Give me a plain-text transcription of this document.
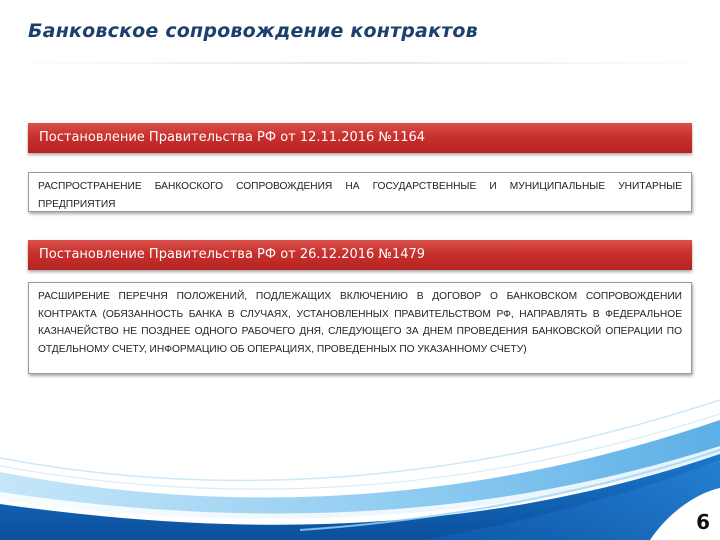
Банковское сопровождение контрактов
Постановление Правительства РФ от 12.11.2016 №1164
РАСПРОСТРАНЕНИЕ БАНКОСКОГО СОПРОВОЖДЕНИЯ НА ГОСУДАРСТВЕННЫЕ И МУНИЦИПАЛЬНЫЕ УНИТАРНЫЕ ПРЕДПРИЯТИЯ
Постановление Правительства РФ от 26.12.2016 №1479
РАСШИРЕНИЕ ПЕРЕЧНЯ ПОЛОЖЕНИЙ, ПОДЛЕЖАЩИХ ВКЛЮЧЕНИЮ В ДОГОВОР О БАНКОВСКОМ СОПРОВОЖДЕНИИ КОНТРАКТА (ОБЯЗАННОСТЬ БАНКА В СЛУЧАЯХ, УСТАНОВЛЕННЫХ ПРАВИТЕЛЬСТВОМ РФ, НАПРАВЛЯТЬ В ФЕДЕРАЛЬНОЕ КАЗНАЧЕЙСТВО НЕ ПОЗДНЕЕ ОДНОГО РАБОЧЕГО ДНЯ, СЛЕДУЮЩЕГО ЗА ДНЕМ ПРОВЕДЕНИЯ БАНКОВСКОЙ ОПЕРАЦИИ ПО ОТДЕЛЬНОМУ СЧЕТУ, ИНФОРМАЦИЮ ОБ ОПЕРАЦИЯХ, ПРОВЕДЕННЫХ ПО УКАЗАННОМУ СЧЕТУ)
6
